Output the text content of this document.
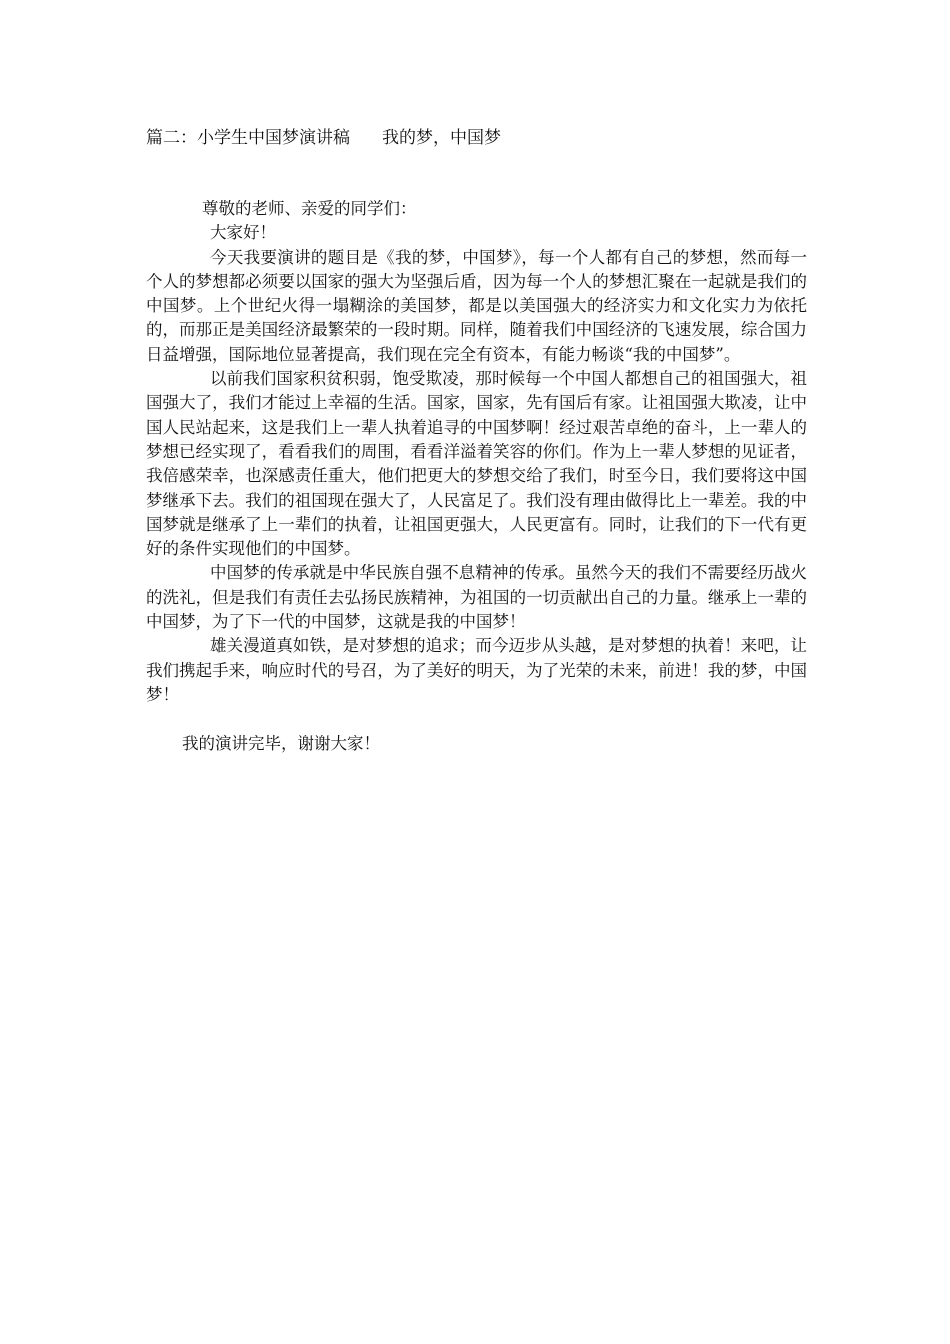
篇二：小学生中国梦演讲稿 我的梦，中国梦

尊敬的老师、亲爱的同学们：

大家好！

今天我要演讲的题目是《我的梦，中国梦》，每一个人都有自己的梦想，然而每一个人的梦想都必须要以国家的强大为坚强后盾，因为每一个人的梦想汇聚在一起就是我们的中国梦。上个世纪火得一塌糊涂的美国梦，都是以美国强大的经济实力和文化实力为依托的，而那正是美国经济最繁荣的一段时期。同样，随着我们中国经济的飞速发展，综合国力日益增强，国际地位显著提高，我们现在完全有资本，有能力畅谈“我的中国梦”。

以前我们国家积贫积弱，饱受欺凌，那时候每一个中国人都想自己的祖国强大，祖国强大了，我们才能过上幸福的生活。国家，国家，先有国后有家。让祖国强大欺凌，让中国人民站起来，这是我们上一辈人执着追寻的中国梦啊！经过艰苦卓绝的奋斗，上一辈人的梦想已经实现了，看看我们的周围，看看洋溢着笑容的你们。作为上一辈人梦想的见证者，我倍感荣幸，也深感责任重大，他们把更大的梦想交给了我们，时至今日，我们要将这中国梦继承下去。我们的祖国现在强大了，人民富足了。我们没有理由做得比上一辈差。我的中国梦就是继承了上一辈们的执着，让祖国更强大，人民更富有。同时，让我们的下一代有更好的条件实现他们的中国梦。

中国梦的传承就是中华民族自强不息精神的传承。虽然今天的我们不需要经历战火的洗礼，但是我们有责任去弘扬民族精神，为祖国的一切贡献出自己的力量。继承上一辈的中国梦，为了下一代的中国梦，这就是我的中国梦！

雄关漫道真如铁，是对梦想的追求；而今迈步从头越，是对梦想的执着！来吧，让我们携起手来，响应时代的号召，为了美好的明天，为了光荣的未来，前进！我的梦，中国梦！

我的演讲完毕，谢谢大家！
